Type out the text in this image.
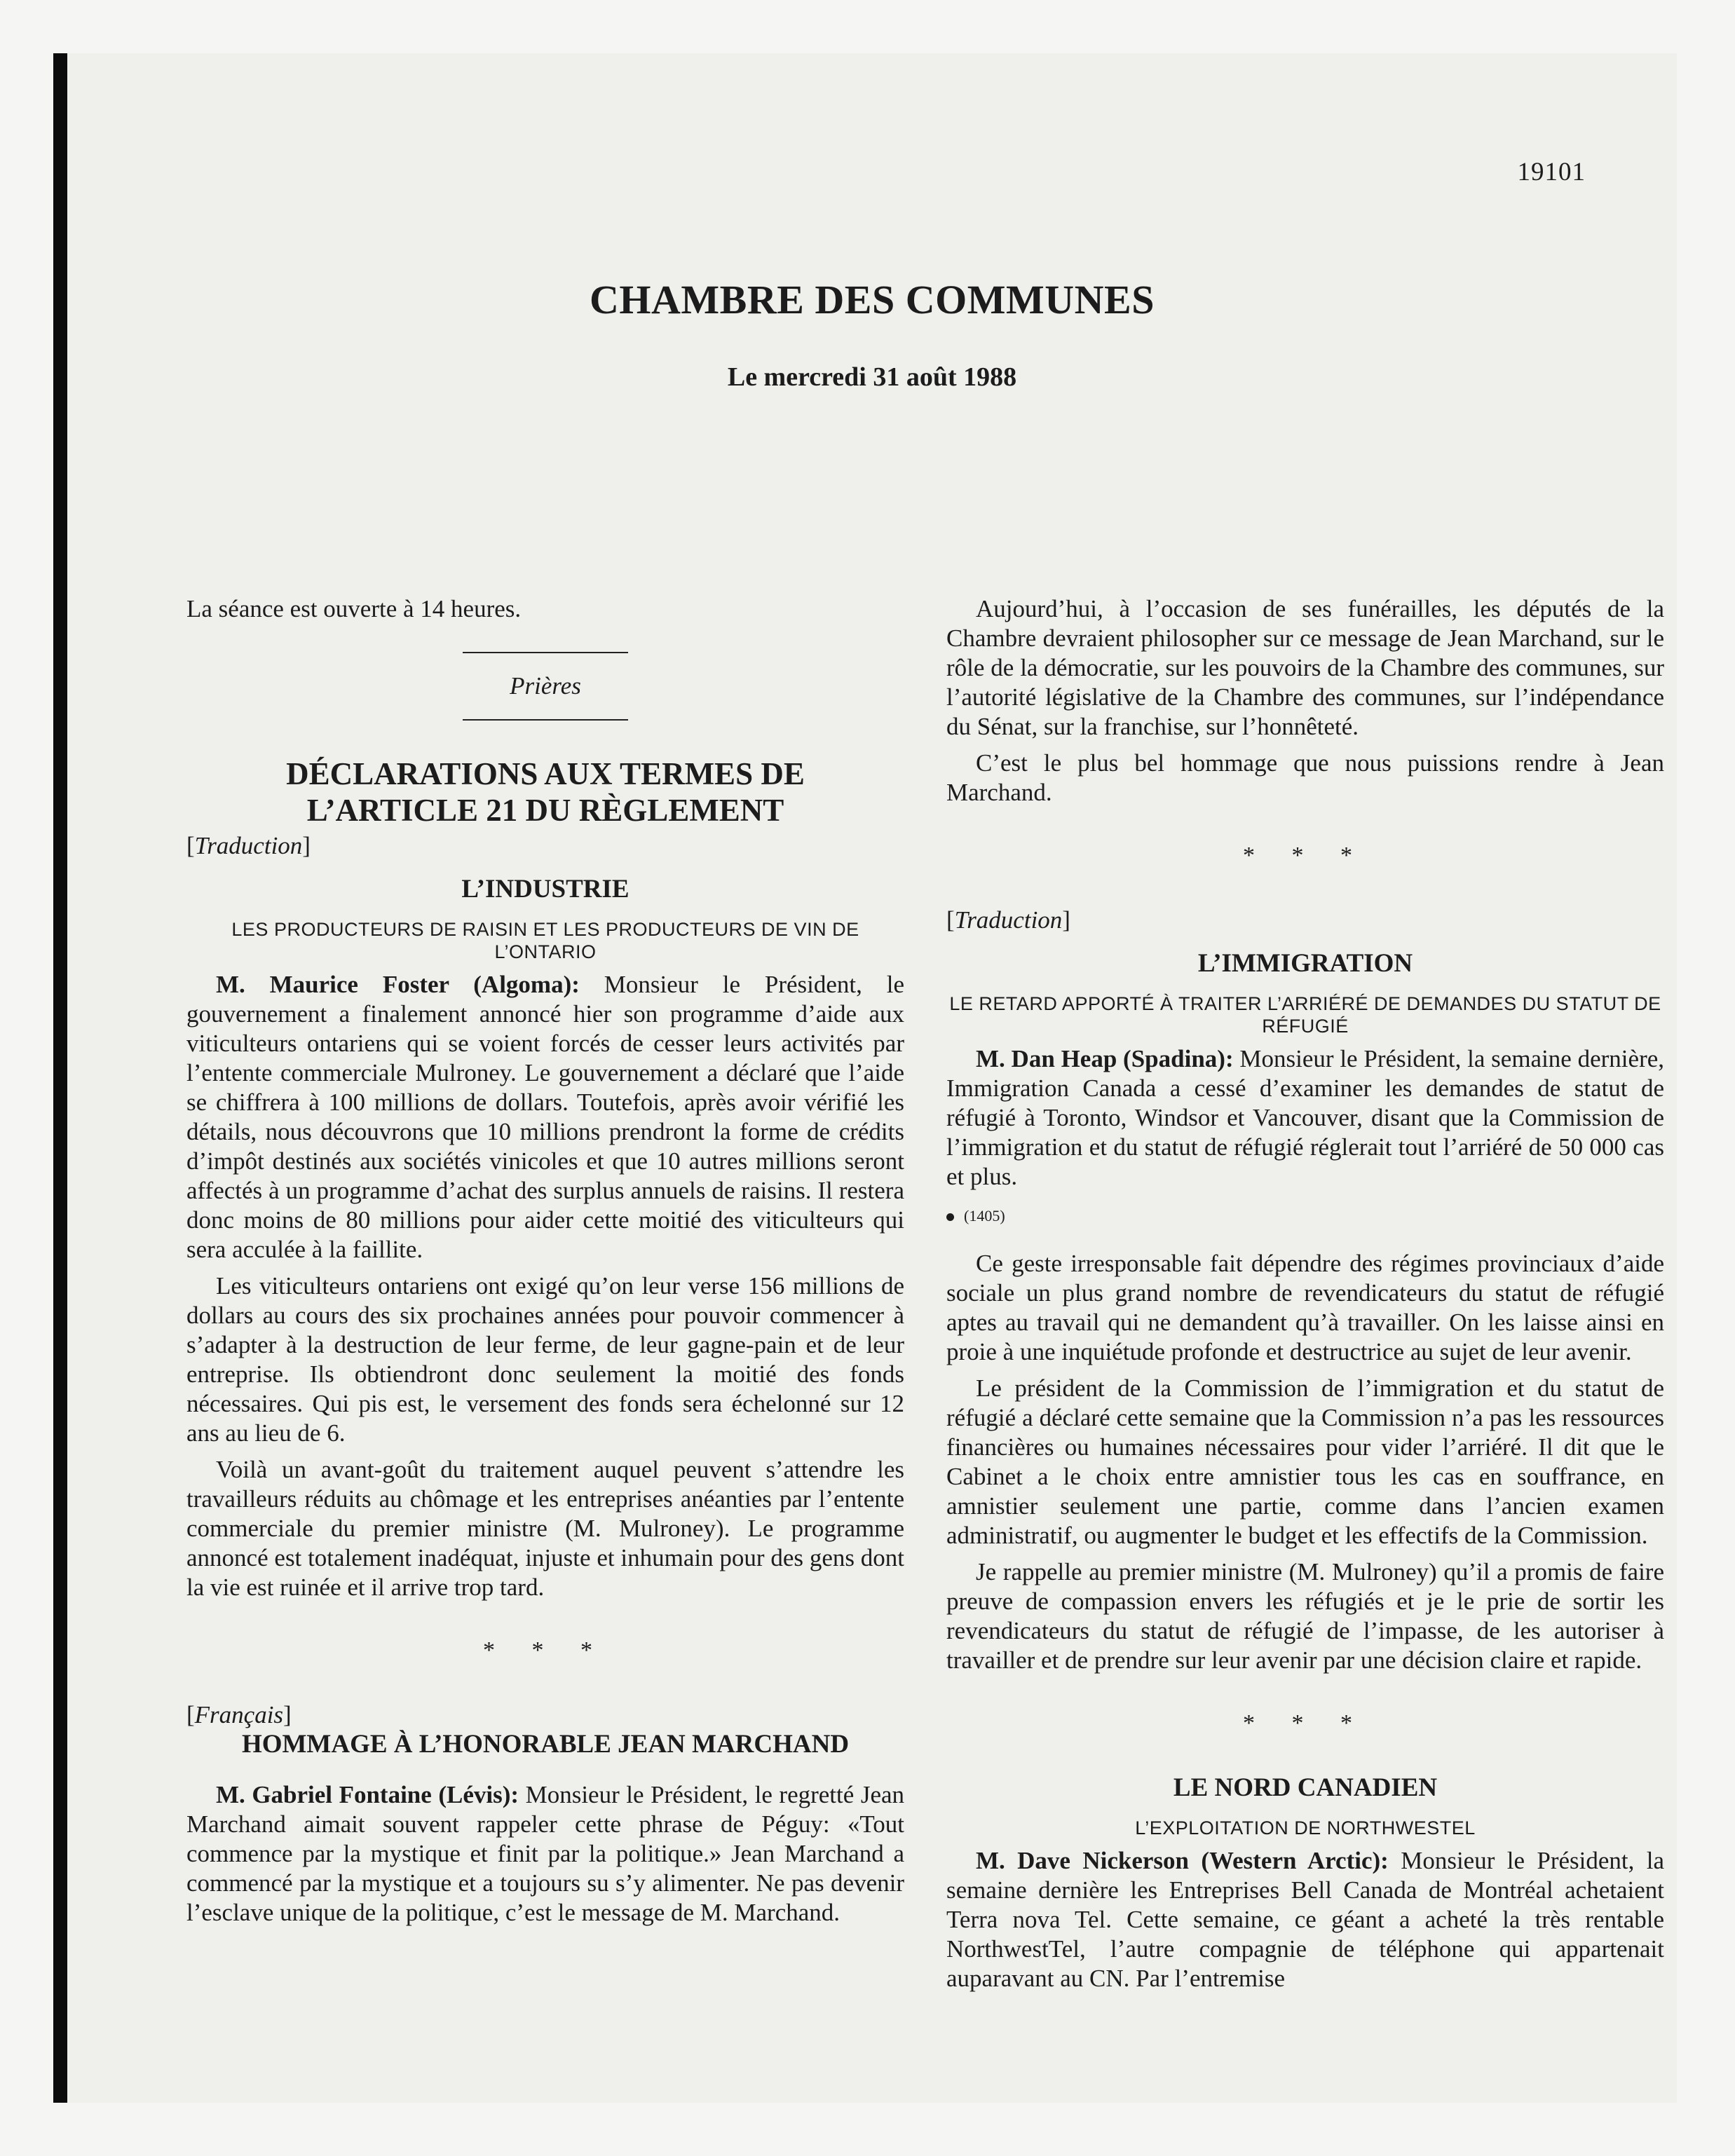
19101
CHAMBRE DES COMMUNES
Le mercredi 31 août 1988

La séance est ouverte à 14 heures.

Prières
DÉCLARATIONS AUX TERMES DE
L’ARTICLE 21 DU RÈGLEMENT
[Traduction]
L’INDUSTRIE
LES PRODUCTEURS DE RAISIN ET LES PRODUCTEURS DE VIN DE L’ONTARIO

M. Maurice Foster (Algoma): Monsieur le Président, le gouvernement a finalement annoncé hier son programme d’aide aux viticulteurs ontariens qui se voient forcés de cesser leurs activités par l’entente commerciale Mulroney. Le gouvernement a déclaré que l’aide se chiffrera à 100 millions de dollars. Toutefois, après avoir vérifié les détails, nous découvrons que 10 millions prendront la forme de crédits d’impôt destinés aux sociétés vinicoles et que 10 autres millions seront affectés à un programme d’achat des surplus annuels de raisins. Il restera donc moins de 80 millions pour aider cette moitié des viticulteurs qui sera acculée à la faillite.

Les viticulteurs ontariens ont exigé qu’on leur verse 156 millions de dollars au cours des six prochaines années pour pouvoir commencer à s’adapter à la destruction de leur ferme, de leur gagne-pain et de leur entreprise. Ils obtiendront donc seulement la moitié des fonds nécessaires. Qui pis est, le versement des fonds sera échelonné sur 12 ans au lieu de 6.

Voilà un avant-goût du traitement auquel peuvent s’attendre les travailleurs réduits au chômage et les entreprises anéanties par l’entente commerciale du premier ministre (M. Mulroney). Le programme annoncé est totalement inadéquat, injuste et inhumain pour des gens dont la vie est ruinée et il arrive trop tard.

* * *
[Français]
HOMMAGE À L’HONORABLE JEAN MARCHAND

M. Gabriel Fontaine (Lévis): Monsieur le Président, le regretté Jean Marchand aimait souvent rappeler cette phrase de Péguy: «Tout commence par la mystique et finit par la politique.» Jean Marchand a commencé par la mystique et a toujours su s’y alimenter. Ne pas devenir l’esclave unique de la politique, c’est le message de M. Marchand.

Aujourd’hui, à l’occasion de ses funérailles, les députés de la Chambre devraient philosopher sur ce message de Jean Marchand, sur le rôle de la démocratie, sur les pouvoirs de la Chambre des communes, sur l’autorité législative de la Chambre des communes, sur l’indépendance du Sénat, sur la franchise, sur l’honnêteté.

C’est le plus bel hommage que nous puissions rendre à Jean Marchand.

* * *
[Traduction]
L’IMMIGRATION
LE RETARD APPORTÉ À TRAITER L’ARRIÉRÉ DE DEMANDES DU STATUT DE RÉFUGIÉ

M. Dan Heap (Spadina): Monsieur le Président, la semaine dernière, Immigration Canada a cessé d’examiner les demandes de statut de réfugié à Toronto, Windsor et Vancouver, disant que la Commission de l’immigration et du statut de réfugié réglerait tout l’arriéré de 50 000 cas et plus.

(1405)

Ce geste irresponsable fait dépendre des régimes provinciaux d’aide sociale un plus grand nombre de revendicateurs du statut de réfugié aptes au travail qui ne demandent qu’à travailler. On les laisse ainsi en proie à une inquiétude profonde et destructrice au sujet de leur avenir.

Le président de la Commission de l’immigration et du statut de réfugié a déclaré cette semaine que la Commission n’a pas les ressources financières ou humaines nécessaires pour vider l’arriéré. Il dit que le Cabinet a le choix entre amnistier tous les cas en souffrance, en amnistier seulement une partie, comme dans l’ancien examen administratif, ou augmenter le budget et les effectifs de la Commission.

Je rappelle au premier ministre (M. Mulroney) qu’il a promis de faire preuve de compassion envers les réfugiés et je le prie de sortir les revendicateurs du statut de réfugié de l’impasse, de les autoriser à travailler et de prendre sur leur avenir par une décision claire et rapide.

* * *
LE NORD CANADIEN
L’EXPLOITATION DE NORTHWESTEL

M. Dave Nickerson (Western Arctic): Monsieur le Président, la semaine dernière les Entreprises Bell Canada de Montréal achetaient Terra nova Tel. Cette semaine, ce géant a acheté la très rentable NorthwestTel, l’autre compagnie de téléphone qui appartenait auparavant au CN. Par l’entremise
